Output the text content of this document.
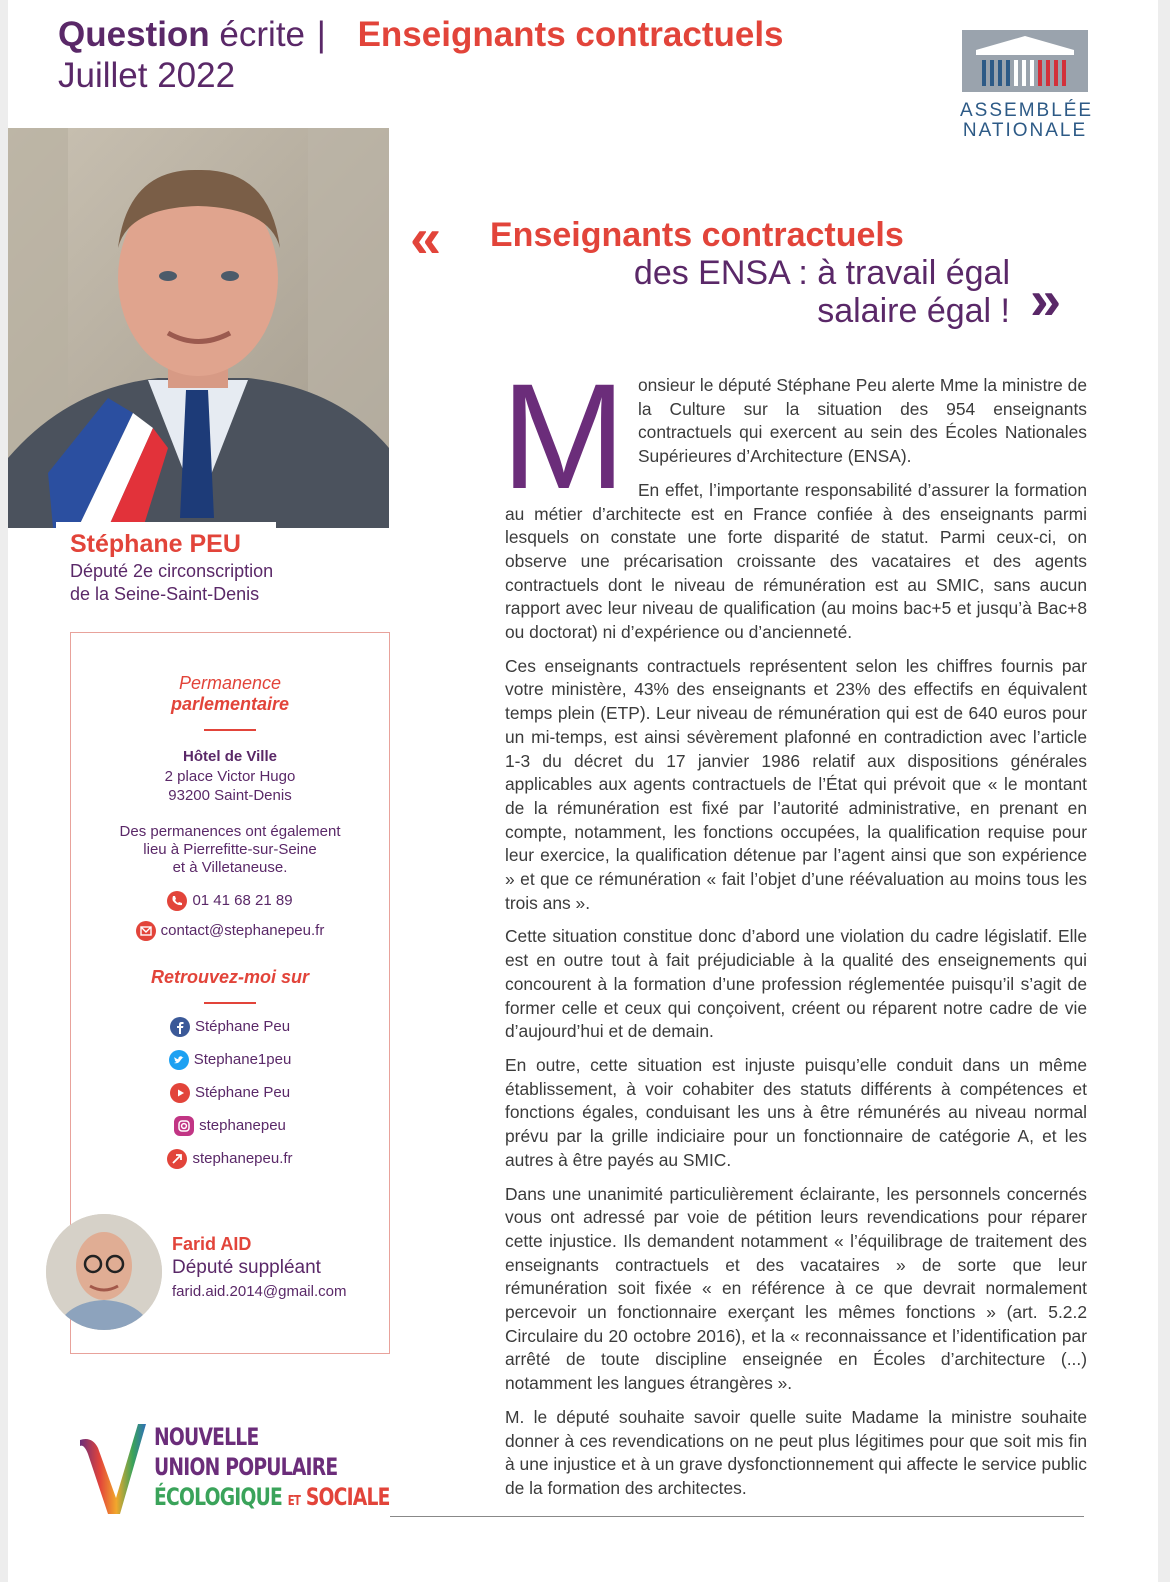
Question écrite | Enseignants contractuels
Juillet 2022
ASSEMBLÉE
NATIONALE
Stéphane PEU
Député 2e circonscription
de la Seine-Saint-Denis
Permanence
parlementaire
Hôtel de Ville
2 place Victor Hugo
93200 Saint-Denis
Des permanences ont également
lieu à Pierrefitte-sur-Seine
et à Villetaneuse.
01 41 68 21 89
contact@stephanepeu.fr
Retrouvez-moi sur
Stéphane Peu
Stephane1peu
Stéphane Peu
stephanepeu
stephanepeu.fr
Farid AID
Député suppléant
farid.aid.2014@gmail.com
NOUVELLE
UNION POPULAIRE
ÉCOLOGIQUE ET SOCIALE
« Enseignants contractuels
des ENSA : à travail égal
salaire égal ! »

Monsieur le député Stéphane Peu alerte Mme la ministre de la Culture sur la situation des 954 enseignants contractuels qui exercent au sein des Écoles Nationales Supérieures d’Architecture (ENSA).

En effet, l’importante responsabilité d’assurer la formation au métier d’architecte est en France confiée à des enseignants parmi lesquels on constate une forte disparité de statut. Parmi ceux-ci, on observe une précarisation croissante des vacataires et des agents contractuels dont le niveau de rémunération est au SMIC, sans aucun rapport avec leur niveau de qualification (au moins bac+5 et jusqu’à Bac+8 ou doctorat) ni d’expérience ou d’ancienneté.

Ces enseignants contractuels représentent selon les chiffres fournis par votre ministère, 43% des enseignants et 23% des effectifs en équivalent temps plein (ETP). Leur niveau de rémunération qui est de 640 euros pour un mi-temps, est ainsi sévèrement plafonné en contradiction avec l’article 1-3 du décret du 17 janvier 1986 relatif aux dispositions générales applicables aux agents contractuels de l’État qui prévoit que « le montant de la rémunération est fixé par l’autorité administrative, en prenant en compte, notamment, les fonctions occupées, la qualification requise pour leur exercice, la qualification détenue par l’agent ainsi que son expérience » et que ce rémunération « fait l’objet d’une réévaluation au moins tous les trois ans ».

Cette situation constitue donc d’abord une violation du cadre législatif. Elle est en outre tout à fait préjudiciable à la qualité des enseignements qui concourent à la formation d’une profession réglementée puisqu’il s’agit de former celle et ceux qui conçoivent, créent ou réparent notre cadre de vie d’aujourd’hui et de demain.

En outre, cette situation est injuste puisqu’elle conduit dans un même établissement, à voir cohabiter des statuts différents à compétences et fonctions égales, conduisant les uns à être rémunérés au niveau normal prévu par la grille indiciaire pour un fonctionnaire de catégorie A, et les autres à être payés au SMIC.

Dans une unanimité particulièrement éclairante, les personnels concernés vous ont adressé par voie de pétition leurs revendications pour réparer cette injustice. Ils demandent notamment « l’équilibrage de traitement des enseignants contractuels et des vacataires » de sorte que leur rémunération soit fixée « en référence à ce que devrait normalement percevoir un fonctionnaire exerçant les mêmes fonctions » (art. 5.2.2 Circulaire du 20 octobre 2016), et la « reconnaissance et l’identification par arrêté de toute discipline enseignée en Écoles d’architecture (...) notamment les langues étrangères ».

M. le député souhaite savoir quelle suite Madame la ministre souhaite donner à ces revendications on ne peut plus légitimes pour que soit mis fin à une injustice et à un grave dysfonctionnement qui affecte le service public de la formation des architectes.
